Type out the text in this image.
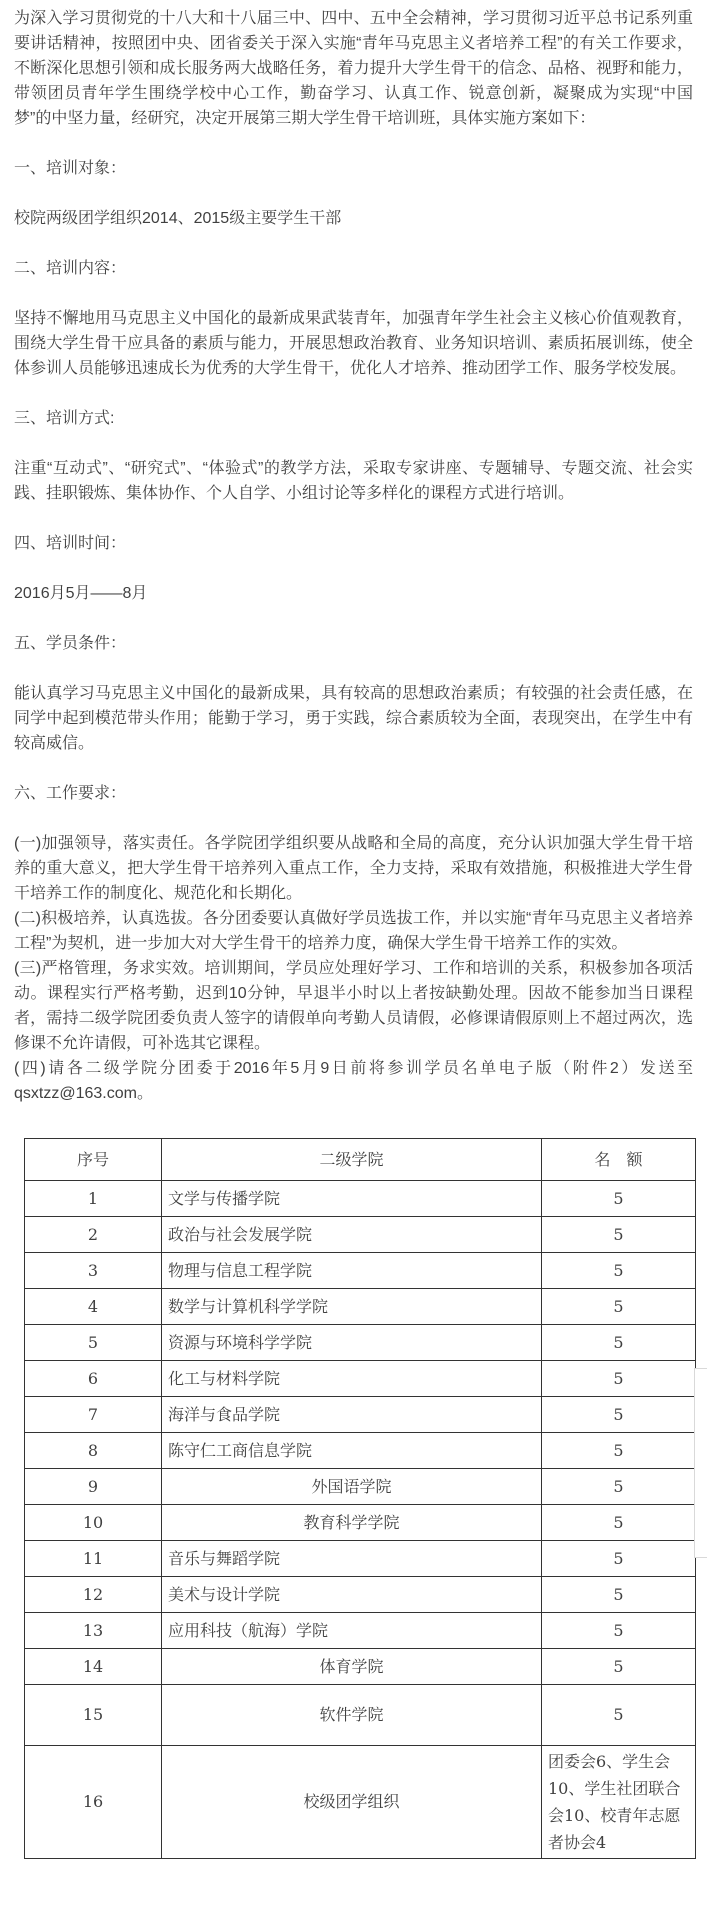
为深入学习贯彻党的十八大和十八届三中、四中、五中全会精神，学习贯彻习近平总书记系列重要讲话精神，按照团中央、团省委关于深入实施“青年马克思主义者培养工程”的有关工作要求，不断深化思想引领和成长服务两大战略任务，着力提升大学生骨干的信念、品格、视野和能力，带领团员青年学生围绕学校中心工作，勤奋学习、认真工作、锐意创新，凝聚成为实现“中国梦”的中坚力量，经研究，决定开展第三期大学生骨干培训班，具体实施方案如下：

一、培训对象：

校院两级团学组织2014、2015级主要学生干部

二、培训内容：

坚持不懈地用马克思主义中国化的最新成果武装青年，加强青年学生社会主义核心价值观教育，围绕大学生骨干应具备的素质与能力，开展思想政治教育、业务知识培训、素质拓展训练，使全体参训人员能够迅速成长为优秀的大学生骨干，优化人才培养、推动团学工作、服务学校发展。

三、培训方式:

注重“互动式”、“研究式”、“体验式”的教学方法，采取专家讲座、专题辅导、专题交流、社会实践、挂职锻炼、集体协作、个人自学、小组讨论等多样化的课程方式进行培训。

四、培训时间：

2016月5月——8月

五、学员条件：

能认真学习马克思主义中国化的最新成果，具有较高的思想政治素质；有较强的社会责任感，在同学中起到模范带头作用；能勤于学习，勇于实践，综合素质较为全面，表现突出，在学生中有较高威信。

六、工作要求：

(一)加强领导，落实责任。各学院团学组织要从战略和全局的高度，充分认识加强大学生骨干培养的重大意义，把大学生骨干培养列入重点工作，全力支持，采取有效措施，积极推进大学生骨干培养工作的制度化、规范化和长期化。

(二)积极培养，认真选拔。各分团委要认真做好学员选拔工作，并以实施“青年马克思主义者培养工程”为契机，进一步加大对大学生骨干的培养力度，确保大学生骨干培养工作的实效。

(三)严格管理，务求实效。培训期间，学员应处理好学习、工作和培训的关系，积极参加各项活动。课程实行严格考勤，迟到10分钟，早退半小时以上者按缺勤处理。因故不能参加当日课程者，需持二级学院团委负责人签字的请假单向考勤人员请假，必修课请假原则上不超过两次，选修课不允许请假，可补选其它课程。

(四)请各二级学院分团委于2016年5月9日前将参训学员名单电子版（附件2）发送至qsxtzz@163.com。

序号	二级学院	名　额
1	文学与传播学院	5
2	政治与社会发展学院	5
3	物理与信息工程学院	5
4	数学与计算机科学学院	5
5	资源与环境科学学院	5
6	化工与材料学院	5
7	海洋与食品学院	5
8	陈守仁工商信息学院	5
9	外国语学院	5
10	教育科学学院	5
11	音乐与舞蹈学院	5
12	美术与设计学院	5
13	应用科技（航海）学院	5
14	体育学院	5
15	软件学院	5
16	校级团学组织	团委会6、学生会10、学生社团联合会10、校青年志愿者协会4
